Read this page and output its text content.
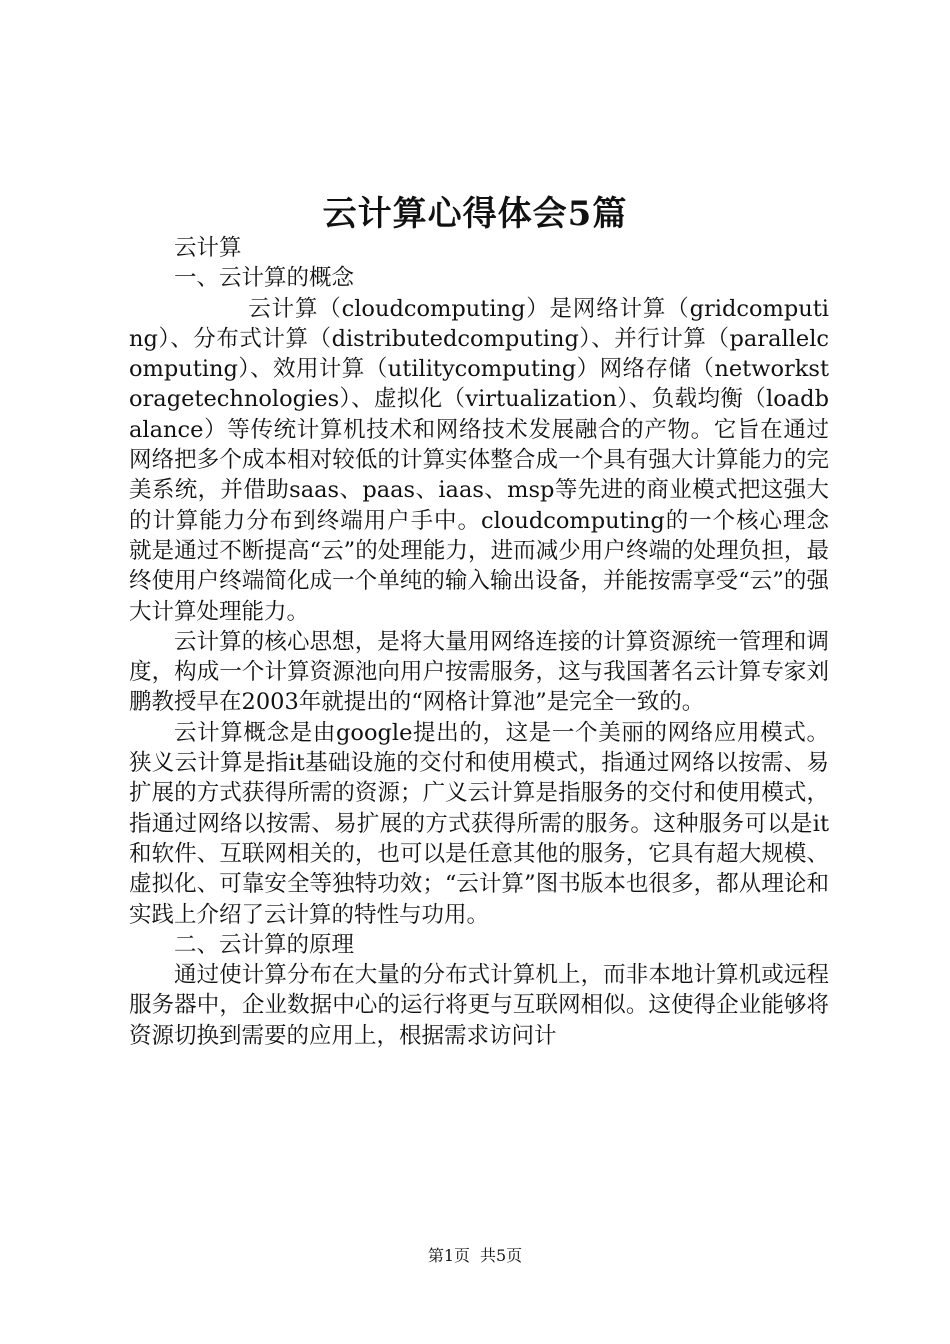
云计算心得体会5篇

云计算

一、云计算的概念

云计算（cloudcomputing）是网络计算（gridcomputing）、分布式计算（distributedcomputing）、并行计算（parallelcomputing）、效用计算（utilitycomputing）网络存储（networkstoragetechnologies）、虚拟化（virtualization）、负载均衡（loadbalance）等传统计算机技术和网络技术发展融合的产物。它旨在通过网络把多个成本相对较低的计算实体整合成一个具有强大计算能力的完美系统，并借助saas、paas、iaas、msp等先进的商业模式把这强大的计算能力分布到终端用户手中。cloudcomputing的一个核心理念就是通过不断提高“云”的处理能力，进而减少用户终端的处理负担，最终使用户终端简化成一个单纯的输入输出设备，并能按需享受“云”的强大计算处理能力。

云计算的核心思想，是将大量用网络连接的计算资源统一管理和调度，构成一个计算资源池向用户按需服务，这与我国著名云计算专家刘鹏教授早在2003年就提出的“网格计算池”是完全一致的。

云计算概念是由google提出的，这是一个美丽的网络应用模式。狭义云计算是指it基础设施的交付和使用模式，指通过网络以按需、易扩展的方式获得所需的资源；广义云计算是指服务的交付和使用模式，指通过网络以按需、易扩展的方式获得所需的服务。这种服务可以是it和软件、互联网相关的，也可以是任意其他的服务，它具有超大规模、虚拟化、可靠安全等独特功效；“云计算”图书版本也很多，都从理论和实践上介绍了云计算的特性与功用。

二、云计算的原理

通过使计算分布在大量的分布式计算机上，而非本地计算机或远程服务器中，企业数据中心的运行将更与互联网相似。这使得企业能够将资源切换到需要的应用上，根据需求访问计

第1页 共5页
